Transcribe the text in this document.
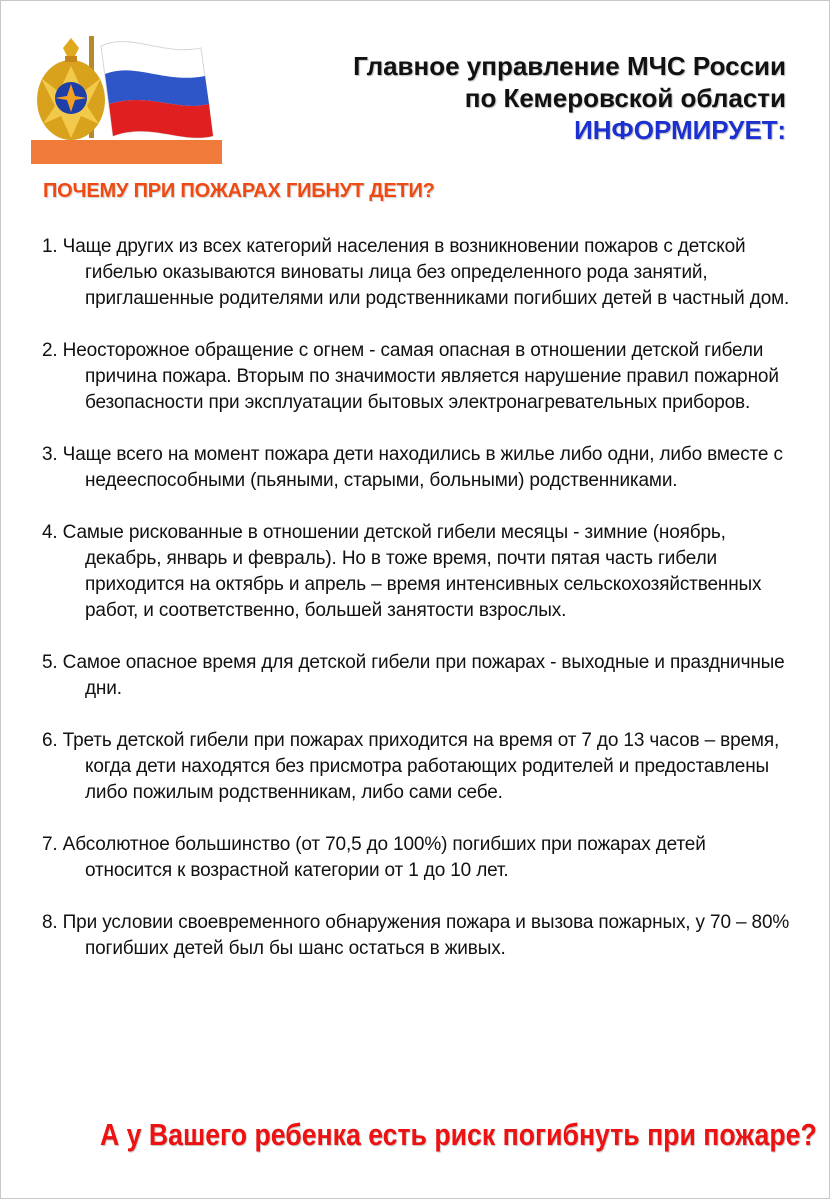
Главное управление МЧС России
по Кемеровской области
ИНФОРМИРУЕТ:
ПОЧЕМУ ПРИ ПОЖАРАХ ГИБНУТ ДЕТИ?
1. Чаще других из всех категорий населения в возникновении пожаров с детской гибелью оказываются виноваты лица без определенного рода занятий, приглашенные родителями или родственниками погибших детей в частный дом.
2. Неосторожное обращение с огнем - самая опасная в отношении детской гибели причина пожара. Вторым по значимости является нарушение правил пожарной безопасности при эксплуатации бытовых электронагревательных приборов.
3. Чаще всего на момент пожара дети находились в жилье либо одни, либо вместе с недееспособными (пьяными, старыми, больными) родственниками.
4. Самые рискованные в отношении детской гибели месяцы - зимние (ноябрь, декабрь, январь и февраль). Но в тоже время, почти пятая часть гибели приходится на октябрь и апрель – время интенсивных сельскохозяйственных работ, и соответственно, большей занятости взрослых.
5. Самое опасное время для детской гибели при пожарах - выходные и праздничные дни.
6. Треть детской гибели при пожарах приходится на время от 7 до 13 часов – время, когда дети находятся без присмотра работающих родителей и предоставлены либо пожилым родственникам, либо сами себе.
7. Абсолютное большинство (от 70,5 до 100%) погибших при пожарах детей относится к возрастной категории от 1 до 10 лет.
8. При условии своевременного обнаружения пожара и вызова пожарных, у 70 – 80% погибших детей был бы шанс остаться в живых.
А у Вашего ребенка есть риск погибнуть при пожаре?
